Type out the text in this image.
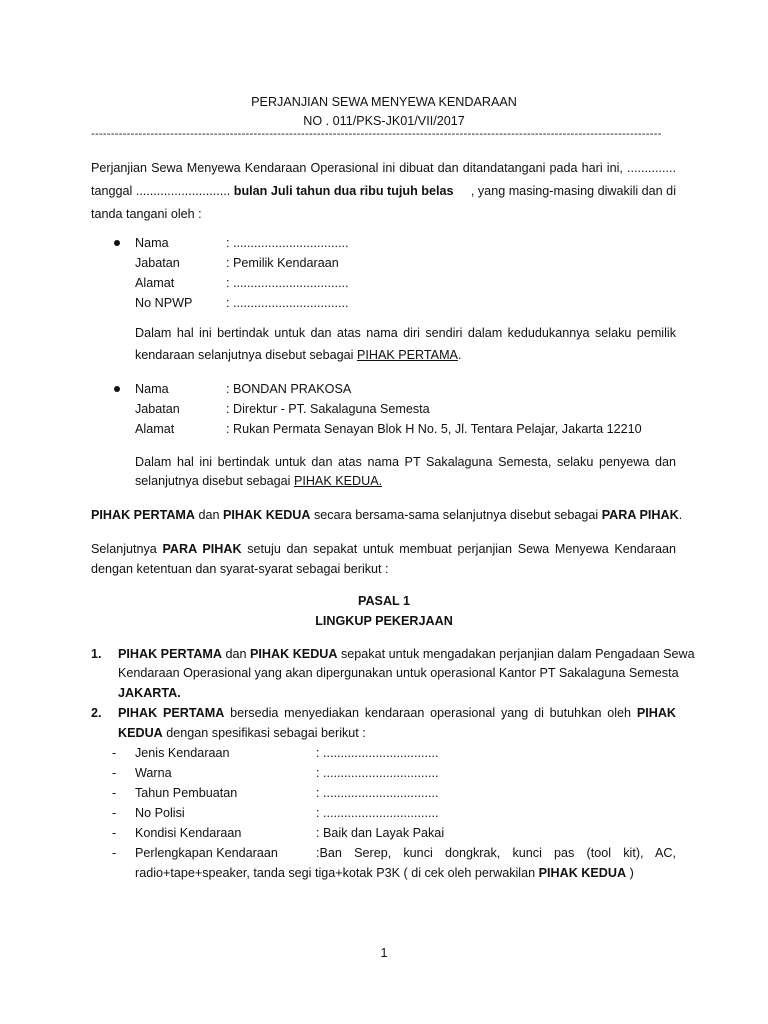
PERJANJIAN SEWA MENYEWA KENDARAAN
NO . 011/PKS-JK01/VII/2017
------------------------------------------------------------------------------------------------------------------------------------------------
Perjanjian Sewa Menyewa Kendaraan Operasional ini dibuat dan ditandatangani pada hari ini, ..............
tanggal ........................... bulan Juli tahun dua ribu tujuh belas , yang masing-masing diwakili dan di
tanda tangani oleh :
Nama	: .................................
Jabatan	: Pemilik Kendaraan
Alamat	: .................................
No NPWP	: .................................
Dalam hal ini bertindak untuk dan atas nama diri sendiri dalam kedudukannya selaku pemilik
kendaraan selanjutnya disebut sebagai PIHAK PERTAMA.
Nama	: BONDAN PRAKOSA
Jabatan	: Direktur - PT. Sakalaguna Semesta
Alamat	: Rukan Permata Senayan Blok H No. 5, Jl. Tentara Pelajar, Jakarta 12210
Dalam hal ini bertindak untuk dan atas nama PT Sakalaguna Semesta, selaku penyewa dan
selanjutnya disebut sebagai PIHAK KEDUA.
PIHAK PERTAMA dan PIHAK KEDUA secara bersama-sama selanjutnya disebut sebagai PARA PIHAK.
Selanjutnya PARA PIHAK setuju dan sepakat untuk membuat perjanjian Sewa Menyewa Kendaraan
dengan ketentuan dan syarat-syarat sebagai berikut :
PASAL 1
LINGKUP PEKERJAAN
1. PIHAK PERTAMA dan PIHAK KEDUA sepakat untuk mengadakan perjanjian dalam Pengadaan Sewa
Kendaraan Operasional yang akan dipergunakan untuk operasional Kantor PT Sakalaguna Semesta
JAKARTA.
2. PIHAK PERTAMA bersedia menyediakan kendaraan operasional yang di butuhkan oleh PIHAK
KEDUA dengan spesifikasi sebagai berikut :
- Jenis Kendaraan	: .................................
- Warna	: .................................
- Tahun Pembuatan	: .................................
- No Polisi	: .................................
- Kondisi Kendaraan	: Baik dan Layak Pakai
- Perlengkapan Kendaraan	:Ban Serep, kunci dongkrak, kunci pas (tool kit), AC,
radio+tape+speaker, tanda segi tiga+kotak P3K ( di cek oleh perwakilan PIHAK KEDUA )
1
